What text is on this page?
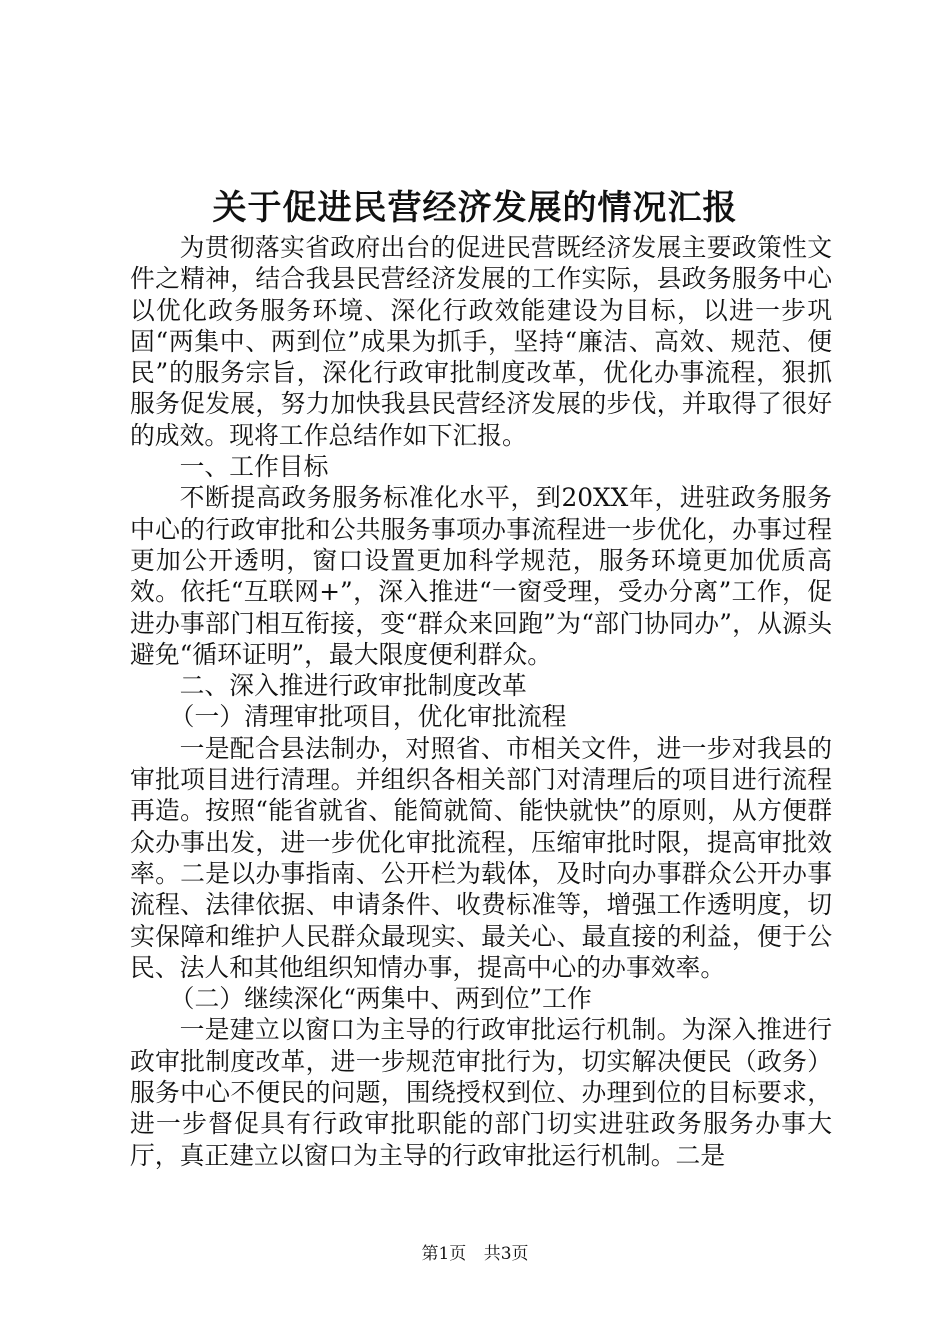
关于促进民营经济发展的情况汇报

为贯彻落实省政府出台的促进民营既经济发展主要政策性文件之精神，结合我县民营经济发展的工作实际，县政务服务中心以优化政务服务环境、深化行政效能建设为目标，以进一步巩固“两集中、两到位”成果为抓手，坚持“廉洁、高效、规范、便民”的服务宗旨，深化行政审批制度改革，优化办事流程，狠抓服务促发展，努力加快我县民营经济发展的步伐，并取得了很好的成效。现将工作总结作如下汇报。

一、工作目标

不断提高政务服务标准化水平，到20XX年，进驻政务服务中心的行政审批和公共服务事项办事流程进一步优化，办事过程更加公开透明，窗口设置更加科学规范，服务环境更加优质高效。依托“互联网+”，深入推进“一窗受理，受办分离”工作，促进办事部门相互衔接，变“群众来回跑”为“部门协同办”，从源头避免“循环证明”，最大限度便利群众。

二、深入推进行政审批制度改革

（一）清理审批项目，优化审批流程

一是配合县法制办，对照省、市相关文件，进一步对我县的审批项目进行清理。并组织各相关部门对清理后的项目进行流程再造。按照“能省就省、能简就简、能快就快”的原则，从方便群众办事出发，进一步优化审批流程，压缩审批时限，提高审批效率。二是以办事指南、公开栏为载体，及时向办事群众公开办事流程、法律依据、申请条件、收费标准等，增强工作透明度，切实保障和维护人民群众最现实、最关心、最直接的利益，便于公民、法人和其他组织知情办事，提高中心的办事效率。

（二）继续深化“两集中、两到位”工作

一是建立以窗口为主导的行政审批运行机制。为深入推进行政审批制度改革，进一步规范审批行为，切实解决便民（政务）服务中心不便民的问题，围绕授权到位、办理到位的目标要求，进一步督促具有行政审批职能的部门切实进驻政务服务办事大厅，真正建立以窗口为主导的行政审批运行机制。二是

第1页 共3页
